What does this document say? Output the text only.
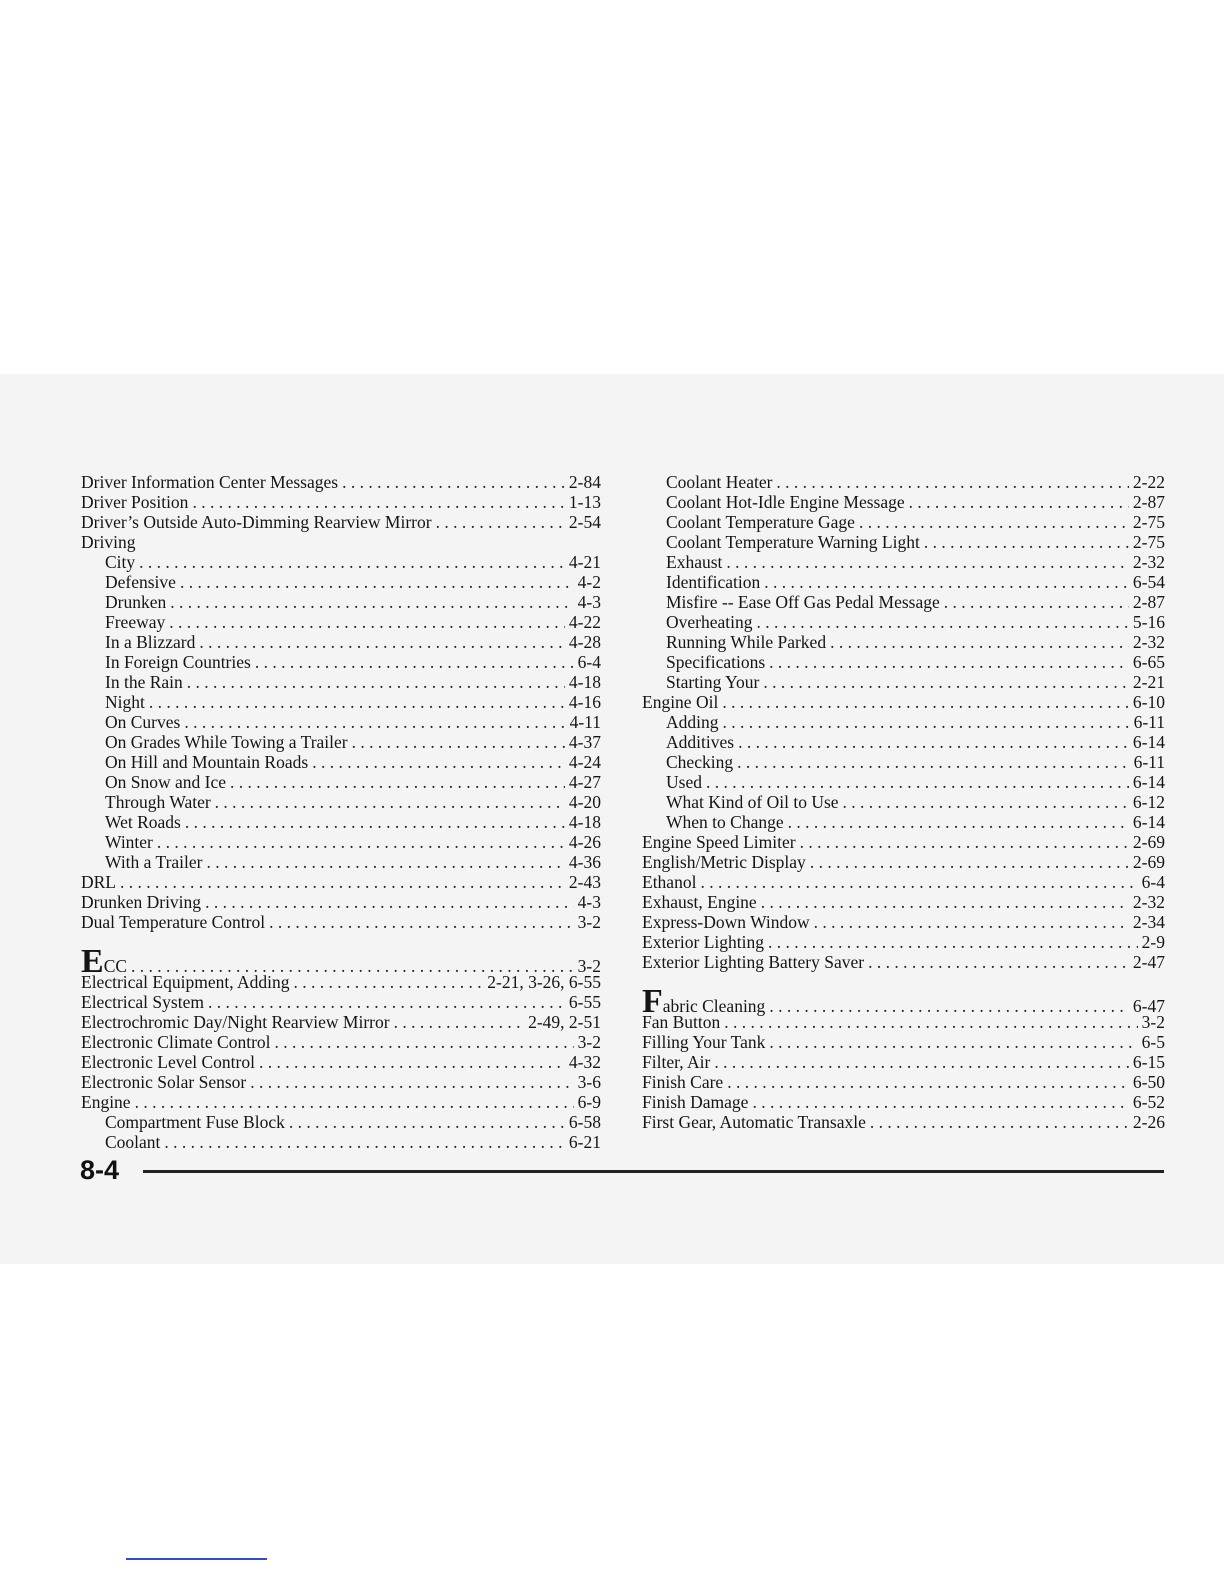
Driver Information Center Messages . . .	2-84
Driver Position . . .	1-13
Driver’s Outside Auto-Dimming Rearview Mirror . . .	2-54
Driving
City . . .	4-21
Defensive . . .	4-2
Drunken . . .	4-3
Freeway . . .	4-22
In a Blizzard . . .	4-28
In Foreign Countries . . .	6-4
In the Rain . . .	4-18
Night . . .	4-16
On Curves . . .	4-11
On Grades While Towing a Trailer . . .	4-37
On Hill and Mountain Roads . . .	4-24
On Snow and Ice . . .	4-27
Through Water . . .	4-20
Wet Roads . . .	4-18
Winter . . .	4-26
With a Trailer . . .	4-36
DRL . . .	2-43
Drunken Driving . . .	4-3
Dual Temperature Control . . .	3-2
ECC . . .	3-2
Electrical Equipment, Adding . . .	2-21, 3-26, 6-55
Electrical System . . .	6-55
Electrochromic Day/Night Rearview Mirror . . .	2-49, 2-51
Electronic Climate Control . . .	3-2
Electronic Level Control . . .	4-32
Electronic Solar Sensor . . .	3-6
Engine . . .	6-9
Compartment Fuse Block . . .	6-58
Coolant . . .	6-21
Coolant Heater . . .	2-22
Coolant Hot-Idle Engine Message . . .	2-87
Coolant Temperature Gage . . .	2-75
Coolant Temperature Warning Light . . .	2-75
Exhaust . . .	2-32
Identification . . .	6-54
Misfire -- Ease Off Gas Pedal Message . . .	2-87
Overheating . . .	5-16
Running While Parked . . .	2-32
Specifications . . .	6-65
Starting Your . . .	2-21
Engine Oil . . .	6-10
Adding . . .	6-11
Additives . . .	6-14
Checking . . .	6-11
Used . . .	6-14
What Kind of Oil to Use . . .	6-12
When to Change . . .	6-14
Engine Speed Limiter . . .	2-69
English/Metric Display . . .	2-69
Ethanol . . .	6-4
Exhaust, Engine . . .	2-32
Express-Down Window . . .	2-34
Exterior Lighting . . .	2-9
Exterior Lighting Battery Saver . . .	2-47
Fabric Cleaning . . .	6-47
Fan Button . . .	3-2
Filling Your Tank . . .	6-5
Filter, Air . . .	6-15
Finish Care . . .	6-50
Finish Damage . . .	6-52
First Gear, Automatic Transaxle . . .	2-26
8-4
